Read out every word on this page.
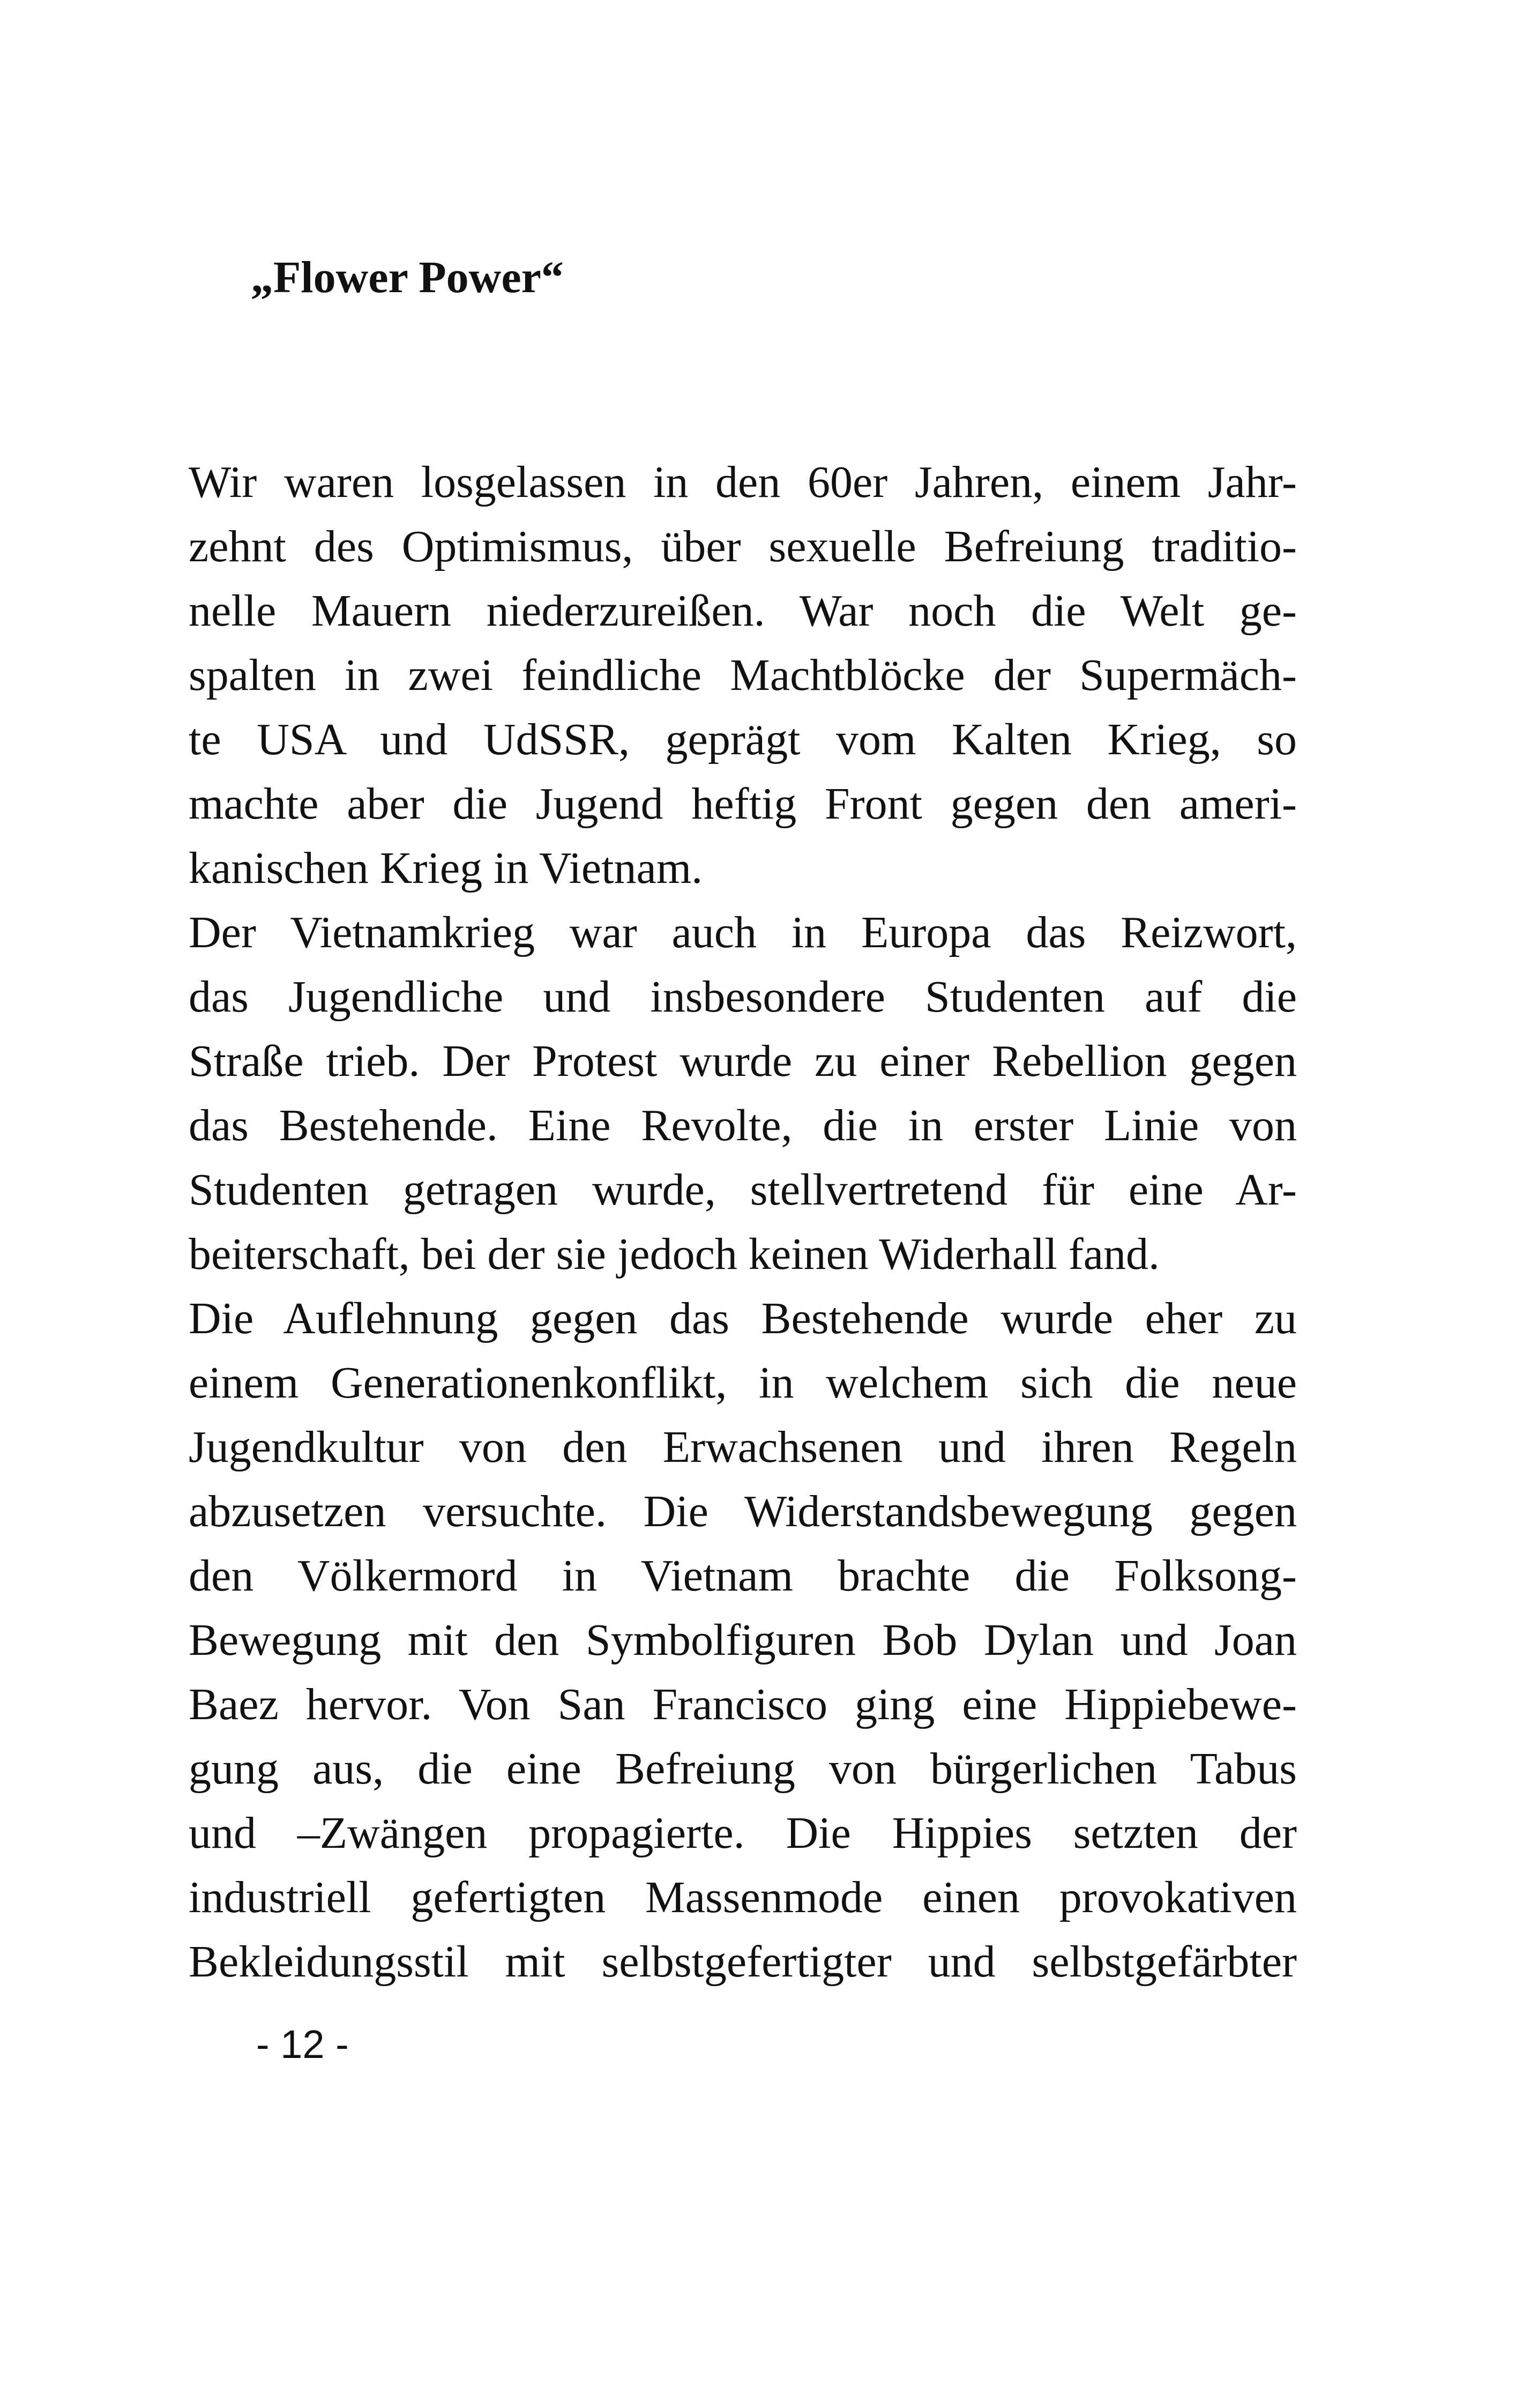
„Flower Power“
Wir waren losgelassen in den 60er Jahren, einem Jahr-
zehnt des Optimismus, über sexuelle Befreiung traditio-
nelle Mauern niederzureißen. War noch die Welt ge-
spalten in zwei feindliche Machtblöcke der Supermäch-
te USA und UdSSR, geprägt vom Kalten Krieg, so
machte aber die Jugend heftig Front gegen den ameri-
kanischen Krieg in Vietnam.
Der Vietnamkrieg war auch in Europa das Reizwort,
das Jugendliche und insbesondere Studenten auf die
Straße trieb. Der Protest wurde zu einer Rebellion gegen
das Bestehende. Eine Revolte, die in erster Linie von
Studenten getragen wurde, stellvertretend für eine Ar-
beiterschaft, bei der sie jedoch keinen Widerhall fand.
Die Auflehnung gegen das Bestehende wurde eher zu
einem Generationenkonflikt, in welchem sich die neue
Jugendkultur von den Erwachsenen und ihren Regeln
abzusetzen versuchte. Die Widerstandsbewegung gegen
den Völkermord in Vietnam brachte die Folksong-
Bewegung mit den Symbolfiguren Bob Dylan und Joan
Baez hervor. Von San Francisco ging eine Hippiebewe-
gung aus, die eine Befreiung von bürgerlichen Tabus
und –Zwängen propagierte. Die Hippies setzten der
industriell gefertigten Massenmode einen provokativen
Bekleidungsstil mit selbstgefertigter und selbstgefärbter

- 12 -
